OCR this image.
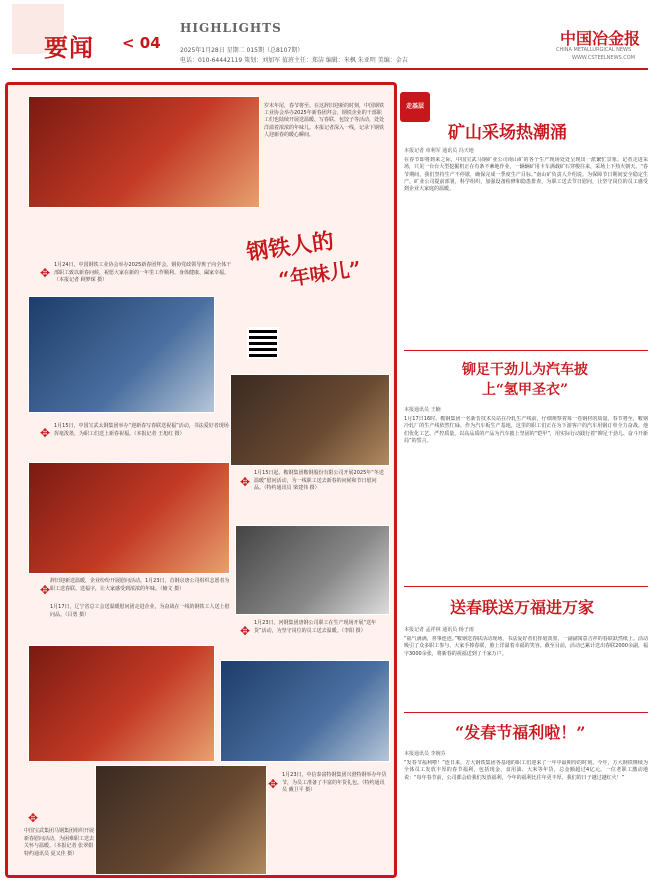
要闻 < 04
HIGHLIGHTS
2025年1月28日 星期二 015期（总8107期）
电话：010-64442119 策划：刘加军 值班主任：郑洁 编辑：米枫 朱亚明 美编：金吉
中国冶金报
CHINA METALLURGICAL NEWS
WWW.CSTEELNEWS.COM
岁末年尾，春节将至。在这辞旧迎新的时刻，中国钢铁工业协会举办2025年新春团拜会，钢铁企业的干部职工们也陆续开展送温暖、写春联、包饺子等活动，处处洋溢着浓浓的年味儿。本报记者深入一线，记录下钢铁人迎新春的暖心瞬间。
钢铁人的
“年味儿”
✥
1月24日，中国钢铁工业协会举办2025新春团拜会。钢协党政领导班子向全体干部职工致以新春问候，祝愿大家在新的一年里工作顺利、身体健康、阖家幸福。（本报记者 顾梦琛 摄）
✥ 1月15日，中国宝武太钢集团举办“迎新春写春联送祝福”活动，书法爱好者现场挥毫泼墨，为职工们送上新春祝福。（本报记者 王旭红 摄）
✥
1月15日起，鞍钢集团鞍钢股份有限公司开展2025年“冬送温暖”慰问活动，为一线职工送去新春的问候和节日慰问品。（特约通讯员 梁建伟 摄）
辞旧迎新送温暖，企业纷纷开展慰问活动。1月23日，首钢京唐公司组织志愿者为职工送春联、送福字，让大家感受到浓浓的年味。（楠文 摄）
✥
1月17日，辽宁省总工会送温暖慰问团走进企业，为奋战在一线的钢铁工人送上慰问品。（吕勇 摄）
✥
1月23日，河钢集团唐钢公司职工在生产现场开展“送年货”活动，为坚守岗位的员工送去温暖。（李阳 摄）
✥
1月23日，中信泰富特钢集团兴澄特钢举办年货节，为员工准备了丰富的年货礼包。（特约通讯员 戴卫平 摄）
✥
中国宝武集团马钢集团组织开展新春慰问活动，为困难职工送去关怀与温暖。（本报记者 张翠娟 特约通讯员 夏又佳 摄）
走基层
矿山采场热潮涌
本报记者 章利军 通讯员 冯天地
在春节即将到来之际，中国宝武马钢矿业公司南山矿的各个生产现场处处呈现出一派繁忙景象。记者走进采场，只见一台台大型挖掘机正在有条不紊地作业，一辆辆矿用卡车满载矿石穿梭往来，采场上下热火朝天。“春节期间，我们坚持生产不停歇，确保完成一季度生产目标。”南山矿负责人介绍说。为保障节日期间安全稳定生产，矿业公司提前部署，科学组织，加强设备检修和隐患排查，为职工送去节日慰问，让坚守岗位的员工感受到企业大家庭的温暖。
铆足干劲儿为汽车披上“氢甲圣衣”
本报通讯员 王楠
1月17日16时，鞍钢集团一名新晋技术员站在冷轧生产线前，仔细观察着每一卷钢材的质量。春节将至，鞍钢冷轧厂的生产线依然忙碌。作为汽车板生产基地，这里的职工们正在为下游客户的汽车用钢订单全力奋战。他们优化工艺、严控质量，以高品质的产品为汽车披上坚固的“铠甲”，用实际行动践行着“铆足干劲儿、奋斗开新局”的誓言。
送春联送万福进万家
本报记者 孟祥林 通讯员 杨子雨
“福气满满，喜事连连。”鞍钢送春联活动现场，书法爱好者们挥毫泼墨，一副副寓意吉祥的春联跃然纸上。活动吸引了众多职工参与，大家手捧春联，脸上洋溢着幸福的笑容。截至目前，活动已累计送出春联2000余副，福字3000余张，将新春的祝福送到了千家万户。
“发春节福利啦！”
本报通讯员 李婉芬
“发春节福利啦！”连日来，方大钢铁集团各基地的职工们迎来了一年中最期待的时刻。今年，方大钢铁继续为全体员工发放丰厚的春节福利，包括现金、食用油、大米等年货，总金额超过4亿元。一位老职工激动地说：“每年春节前，公司都会给我们发放福利，今年的福利比往年更丰厚，我们的日子越过越红火！”
